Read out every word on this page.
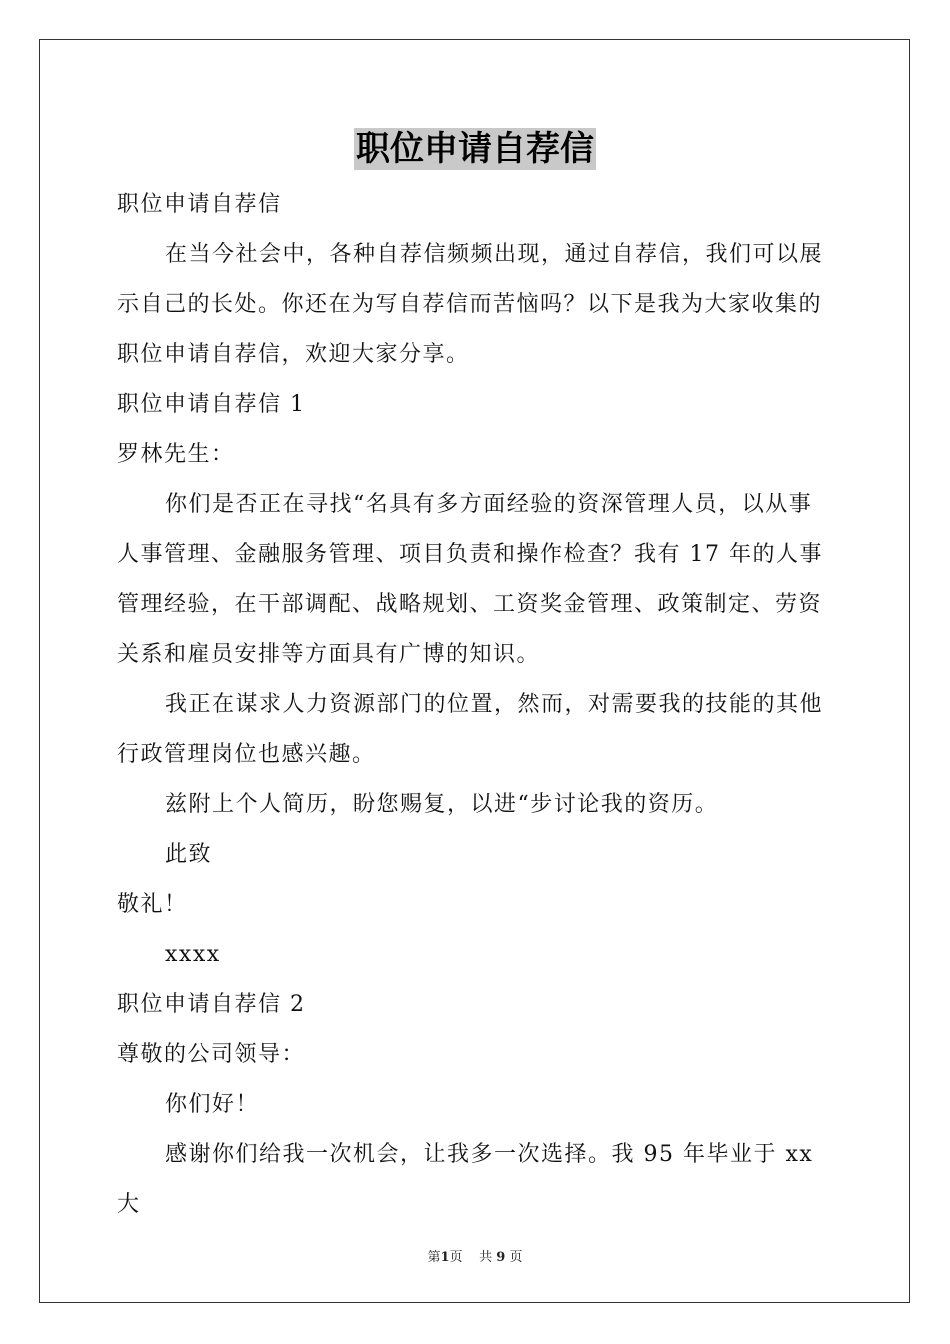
职位申请自荐信

职位申请自荐信

在当今社会中，各种自荐信频频出现，通过自荐信，我们可以展示自己的长处。你还在为写自荐信而苦恼吗？以下是我为大家收集的职位申请自荐信，欢迎大家分享。

职位申请自荐信 1

罗林先生：

你们是否正在寻找“名具有多方面经验的资深管理人员，以从事人事管理、金融服务管理、项目负责和操作检查？我有 17 年的人事管理经验，在干部调配、战略规划、工资奖金管理、政策制定、劳资关系和雇员安排等方面具有广博的知识。

我正在谋求人力资源部门的位置，然而，对需要我的技能的其他行政管理岗位也感兴趣。

兹附上个人简历，盼您赐复，以进“步讨论我的资历。

此致

敬礼！

xxxx

职位申请自荐信 2

尊敬的公司领导：

你们好！

感谢你们给我一次机会，让我多一次选择。我 95 年毕业于 xx 大

第1页 共 9 页
